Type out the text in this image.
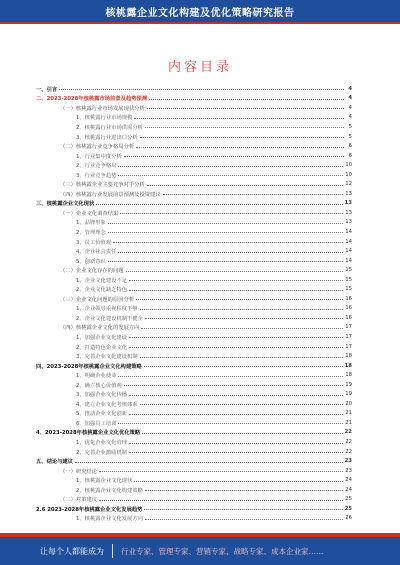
核桃露企业文化构建及优化策略研究报告
内容目录
一、引言	4
二、2023-2028年核桃露市场前景及趋势预测	4
（一）核桃露行业市场发展现状分析	4
1、核桃露行业市场规模	4
2、核桃露行业市场供需分析	5
3、核桃露行业进出口分析	5
（二）核桃露行业竞争格局分析	6
1、行业集中度分析	6
2、行业竞争格局	10
3、行业竞争趋势	10
（三）核桃露企业主要竞争对手分析	12
（四）核桃露行业发展前景预测及投资建议	13
三、核桃露企业文化现状	13
（一）企业文化调查结果	13
1、品牌形象	13
2、管理理念	14
3、员工价值观	14
4、企业社会责任	14
5、创新意识	14
（二）企业文化存在的问题	15
1、企业文化建设不足	15
2、企业文化缺乏特色	15
（三）企业文化问题的原因分析	16
1、企业领导重视程度不够	16
2、企业文化建设机制不健全	16
（四）核桃露企业文化的发展方向	17
1、加强企业文化建设	17
2、打造特色企业文化	17
3、完善企业文化建设机制	18
四、2023-2028年核桃露企业文化构建策略	18
1、明确企业使命	18
2、确立核心价值观	19
3、加强企业文化传播	19
4、建立企业文化考核体系	20
5、推动企业文化创新	21
6、加强员工培训	21
4、2023-2028年核桃露企业文化优化策略	22
1、优化企业文化管理	22
2、完善企业激励机制	22
五、结论与建议	23
（一）研究结论	23
1、核桃露企业文化现状	24
2、核桃露企业文化构建策略	24
（二）对策建议	25
2.6 2023-2028年核桃露企业文化发展趋势	25
1、核桃露企业文化发展方向	26
让每个人都能成为 行业专家、管理专家、营销专家、战略专家、成本企业家……
